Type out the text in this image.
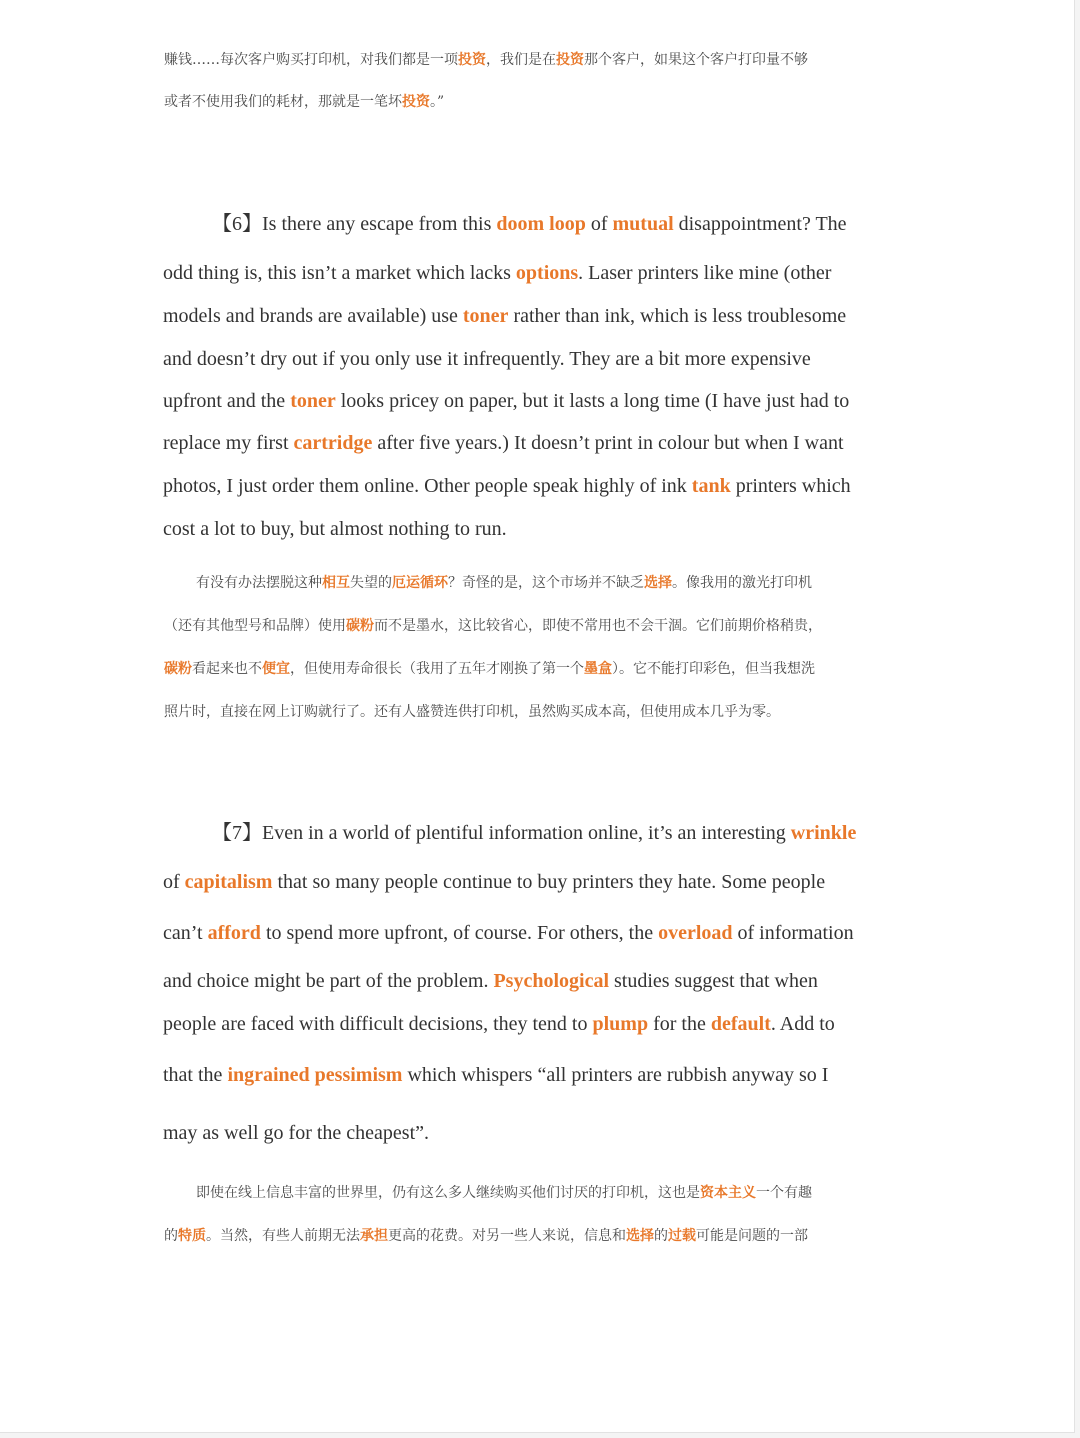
赚钱……每次客户购买打印机，对我们都是一项投资，我们是在投资那个客户，如果这个客户打印量不够
或者不使用我们的耗材，那就是一笔坏投资。”
【6】Is there any escape from this doom loop of mutual disappointment? The
odd thing is, this isn’t a market which lacks options. Laser printers like mine (other
models and brands are available) use toner rather than ink, which is less troublesome
and doesn’t dry out if you only use it infrequently. They are a bit more expensive
upfront and the toner looks pricey on paper, but it lasts a long time (I have just had to
replace my first cartridge after five years.) It doesn’t print in colour but when I want
photos, I just order them online. Other people speak highly of ink tank printers which
cost a lot to buy, but almost nothing to run.
有没有办法摆脱这种相互失望的厄运循环？奇怪的是，这个市场并不缺乏选择。像我用的激光打印机
（还有其他型号和品牌）使用碳粉而不是墨水，这比较省心，即使不常用也不会干涸。它们前期价格稍贵，
碳粉看起来也不便宜，但使用寿命很长（我用了五年才刚换了第一个墨盒）。它不能打印彩色，但当我想洗
照片时，直接在网上订购就行了。还有人盛赞连供打印机，虽然购买成本高，但使用成本几乎为零。
【7】Even in a world of plentiful information online, it’s an interesting wrinkle
of capitalism that so many people continue to buy printers they hate. Some people
can’t afford to spend more upfront, of course. For others, the overload of information
and choice might be part of the problem. Psychological studies suggest that when
people are faced with difficult decisions, they tend to plump for the default. Add to
that the ingrained pessimism which whispers “all printers are rubbish anyway so I
may as well go for the cheapest”.
即使在线上信息丰富的世界里，仍有这么多人继续购买他们讨厌的打印机，这也是资本主义一个有趣
的特质。当然，有些人前期无法承担更高的花费。对另一些人来说，信息和选择的过载可能是问题的一部
